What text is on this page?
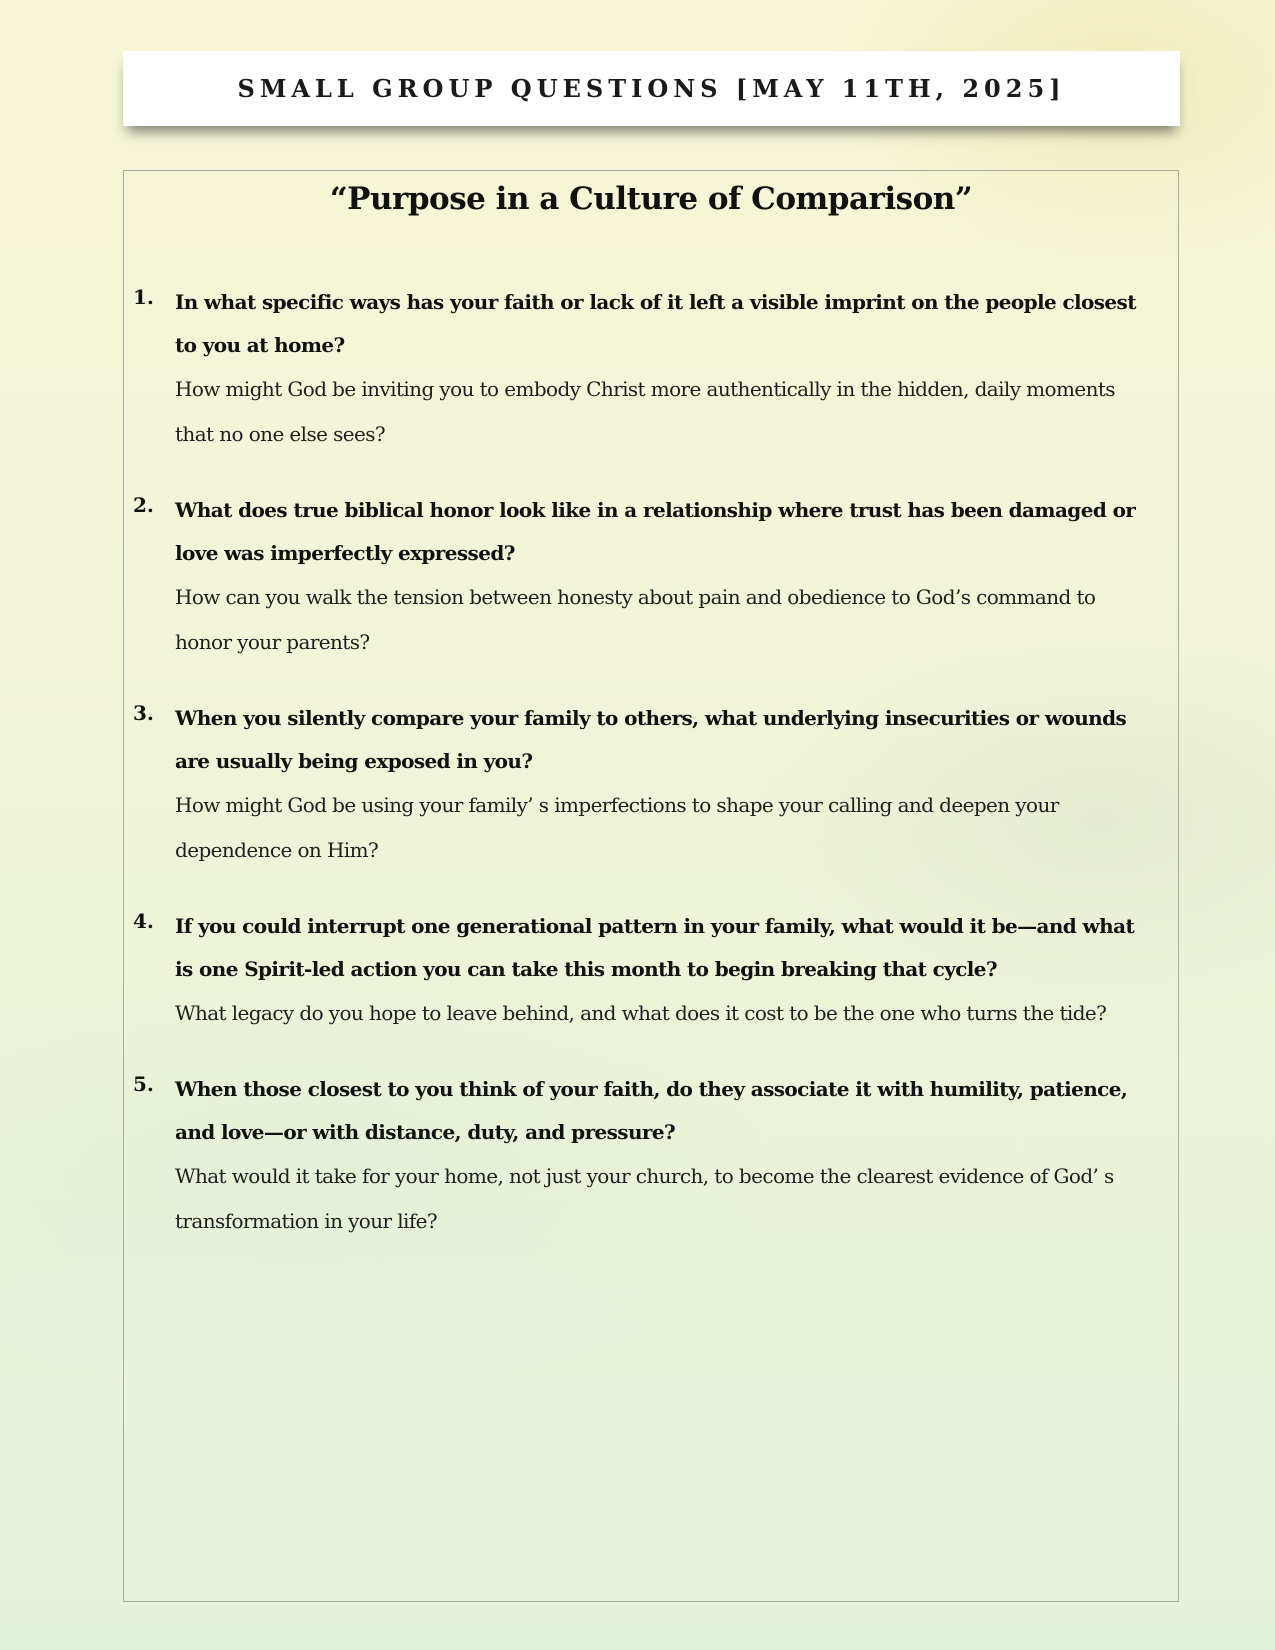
SMALL GROUP QUESTIONS [MAY 11TH, 2025]
“Purpose in a Culture of Comparison”
1. In what specific ways has your faith or lack of it left a visible imprint on the people closest to you at home?

How might God be inviting you to embody Christ more authentically in the hidden, daily moments that no one else sees?

2. What does true biblical honor look like in a relationship where trust has been damaged or love was imperfectly expressed?

How can you walk the tension between honesty about pain and obedience to God’s command to honor your parents?

3. When you silently compare your family to others, what underlying insecurities or wounds are usually being exposed in you?

How might God be using your family’ s imperfections to shape your calling and deepen your dependence on Him?

4. If you could interrupt one generational pattern in your family, what would it be—and what is one Spirit-led action you can take this month to begin breaking that cycle?

What legacy do you hope to leave behind, and what does it cost to be the one who turns the tide?

5. When those closest to you think of your faith, do they associate it with humility, patience, and love—or with distance, duty, and pressure?

What would it take for your home, not just your church, to become the clearest evidence of God’ s transformation in your life?
